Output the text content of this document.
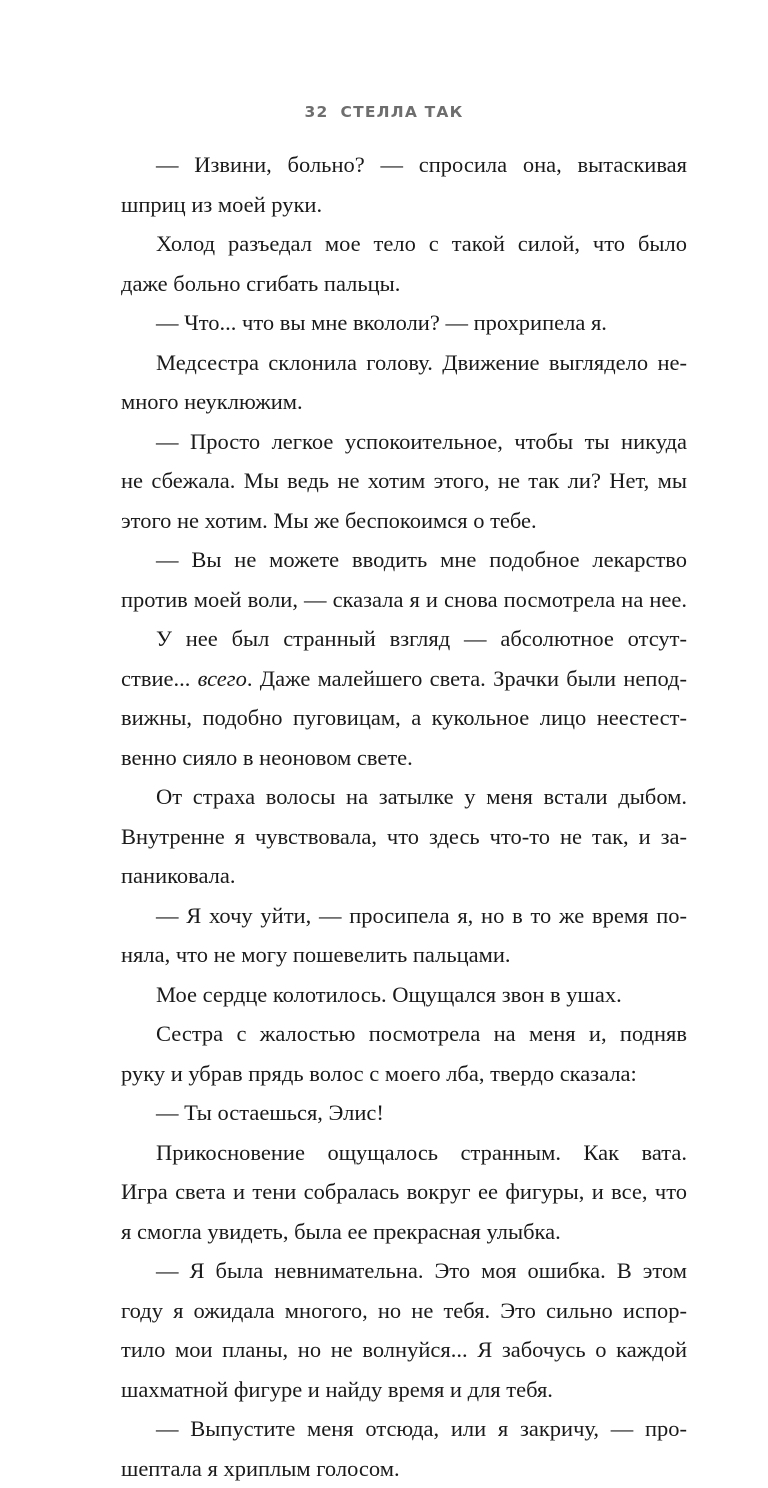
32 СТЕЛЛА ТАК
— Извини, больно? — спросила она, вытаскивая
шприц из моей руки.
Холод разъедал мое тело с такой силой, что было
даже больно сгибать пальцы.
— Что... что вы мне вкололи? — прохрипела я.
Медсестра склонила голову. Движение выглядело не-
много неуклюжим.
— Просто легкое успокоительное, чтобы ты никуда
не сбежала. Мы ведь не хотим этого, не так ли? Нет, мы
этого не хотим. Мы же беспокоимся о тебе.
— Вы не можете вводить мне подобное лекарство
против моей воли, — сказала я и снова посмотрела на нее.
У нее был странный взгляд — абсолютное отсут-
ствие... всего. Даже малейшего света. Зрачки были непод-
вижны, подобно пуговицам, а кукольное лицо неестест-
венно сияло в неоновом свете.
От страха волосы на затылке у меня встали дыбом.
Внутренне я чувствовала, что здесь что-то не так, и за-
паниковала.
— Я хочу уйти, — просипела я, но в то же время по-
няла, что не могу пошевелить пальцами.
Мое сердце колотилось. Ощущался звон в ушах.
Сестра с жалостью посмотрела на меня и, подняв
руку и убрав прядь волос с моего лба, твердо сказала:
— Ты остаешься, Элис!
Прикосновение ощущалось странным. Как вата.
Игра света и тени собралась вокруг ее фигуры, и все, что
я смогла увидеть, была ее прекрасная улыбка.
— Я была невнимательна. Это моя ошибка. В этом
году я ожидала многого, но не тебя. Это сильно испор-
тило мои планы, но не волнуйся... Я забочусь о каждой
шахматной фигуре и найду время и для тебя.
— Выпустите меня отсюда, или я закричу, — про-
шептала я хриплым голосом.
